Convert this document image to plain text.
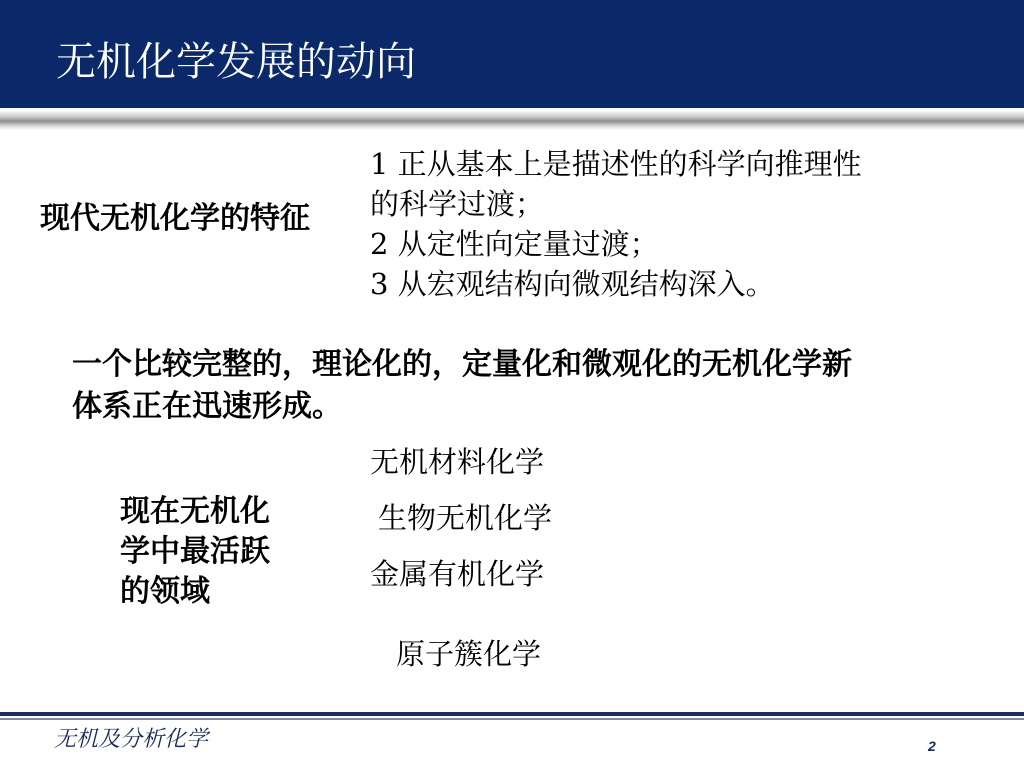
无机化学发展的动向
现代无机化学的特征
1 正从基本上是描述性的科学向推理性
的科学过渡；
2 从定性向定量过渡；
3 从宏观结构向微观结构深入。
一个比较完整的，理论化的，定量化和微观化的无机化学新
体系正在迅速形成。
现在无机化
学中最活跃
的领域
无机材料化学
生物无机化学
金属有机化学
原子簇化学
无机及分析化学	2
